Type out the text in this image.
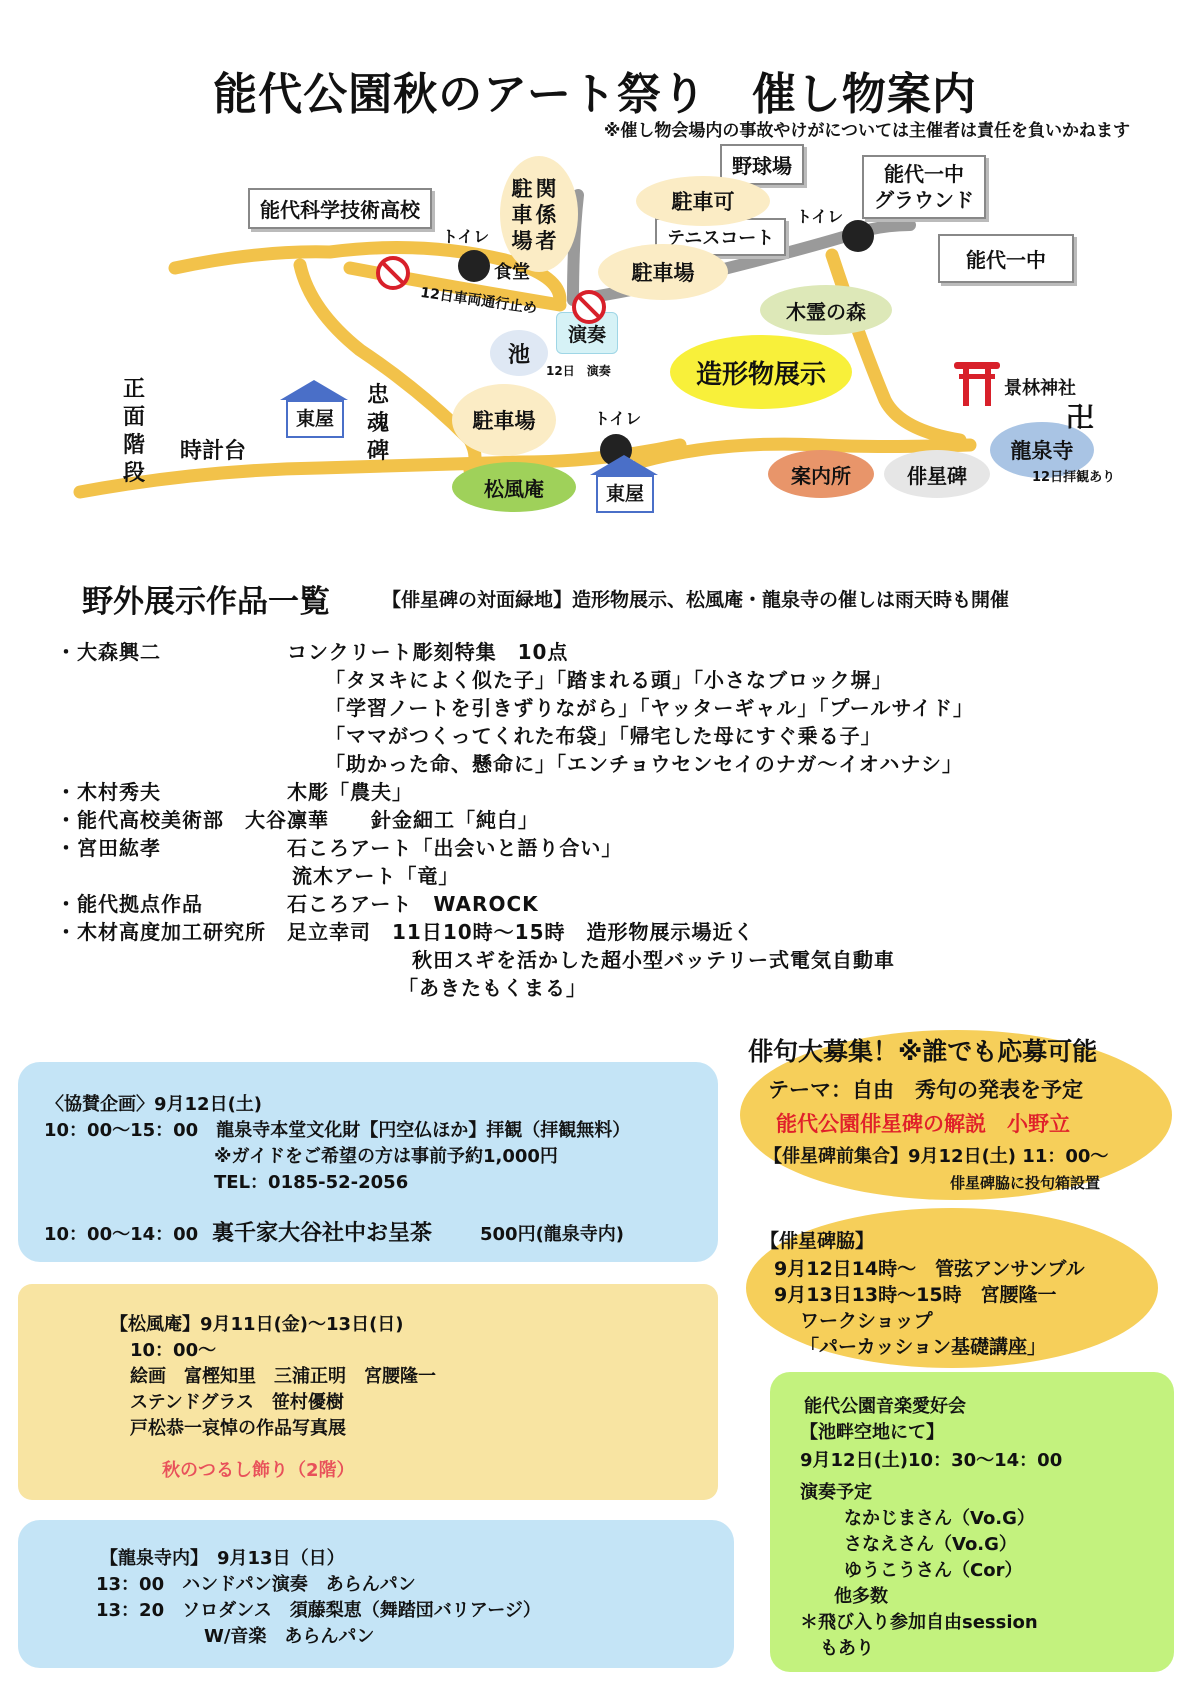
能代公園秋のアート祭り　催し物案内
※催し物会場内の事故やけがについては主催者は責任を負いかねます
能代科学技術高校
野球場	能代一中
グラウンド
能代一中
テニスコート
関係者
駐車場
駐車可
駐車場
駐車場
木霊の森
造形物展示
龍泉寺
12日拝観あり
案内所	俳星碑
松風庵
池
演奏
12日　演奏
トイレ
食堂
トイレ
トイレ
12日車両通行止め
景林神社
卍
東屋
東屋
時計台
忠魂碑
正面階段
野外展示作品一覧	【俳星碑の対面緑地】造形物展示、松風庵・龍泉寺の催しは雨天時も開催
・大森興二　　　　　　コンクリート彫刻特集　10点
「タヌキによく似た子」「踏まれる頭」「小さなブロック塀」
「学習ノートを引きずりながら」「ヤッターギャル」「プールサイド」
「ママがつくってくれた布袋」「帰宅した母にすぐ乗る子」
「助かった命、懸命に」「エンチョウセンセイのナガ～イオハナシ」
・木村秀夫　　　　　　木彫「農夫」
・能代高校美術部　大谷凛華　　針金細工「純白」
・宮田紘孝　　　　　　石ころアート「出会いと語り合い」
流木アート「竜」
・能代拠点作品　　　　石ころアート　WAROCK
・木材高度加工研究所　足立幸司　11日10時～15時　造形物展示場近く
秋田スギを活かした超小型バッテリー式電気自動車
「あきたもくまる」
〈協賛企画〉9月12日(土)
10：00～15：00　龍泉寺本堂文化財【円空仏ほか】拝観（拝観無料）
※ガイドをご希望の方は事前予約1,000円
TEL：0185-52-2056
10：00～14：00 裏千家大谷社中お呈茶	500円(龍泉寺内)
【松風庵】9月11日(金)～13日(日)
10：00～
絵画　富樫知里　三浦正明　宮腰隆一
ステンドグラス　笹村優樹
戸松恭一哀悼の作品写真展
秋のつるし飾り（2階）
【龍泉寺内】　9月13日（日）
13：00　ハンドパン演奏　あらんパン
13：20　ソロダンス　須藤梨恵（舞踏団バリアージ）
W/音楽　あらんパン
俳句大募集！※誰でも応募可能
テーマ：自由　秀句の発表を予定
能代公園俳星碑の解説　小野立
【俳星碑前集合】9月12日(土) 11：00～
俳星碑脇に投句箱設置
【俳星碑脇】
9月12日14時～　管弦アンサンブル
9月13日13時～15時　宮腰隆一
ワークショップ
「パーカッション基礎講座」
能代公園音楽愛好会
【池畔空地にて】
9月12日(土)10：30～14：00
演奏予定
なかじまさん（Vo.G）
さなえさん（Vo.G）
ゆうこうさん（Cor）
他多数
＊飛び入り参加自由session
もあり
